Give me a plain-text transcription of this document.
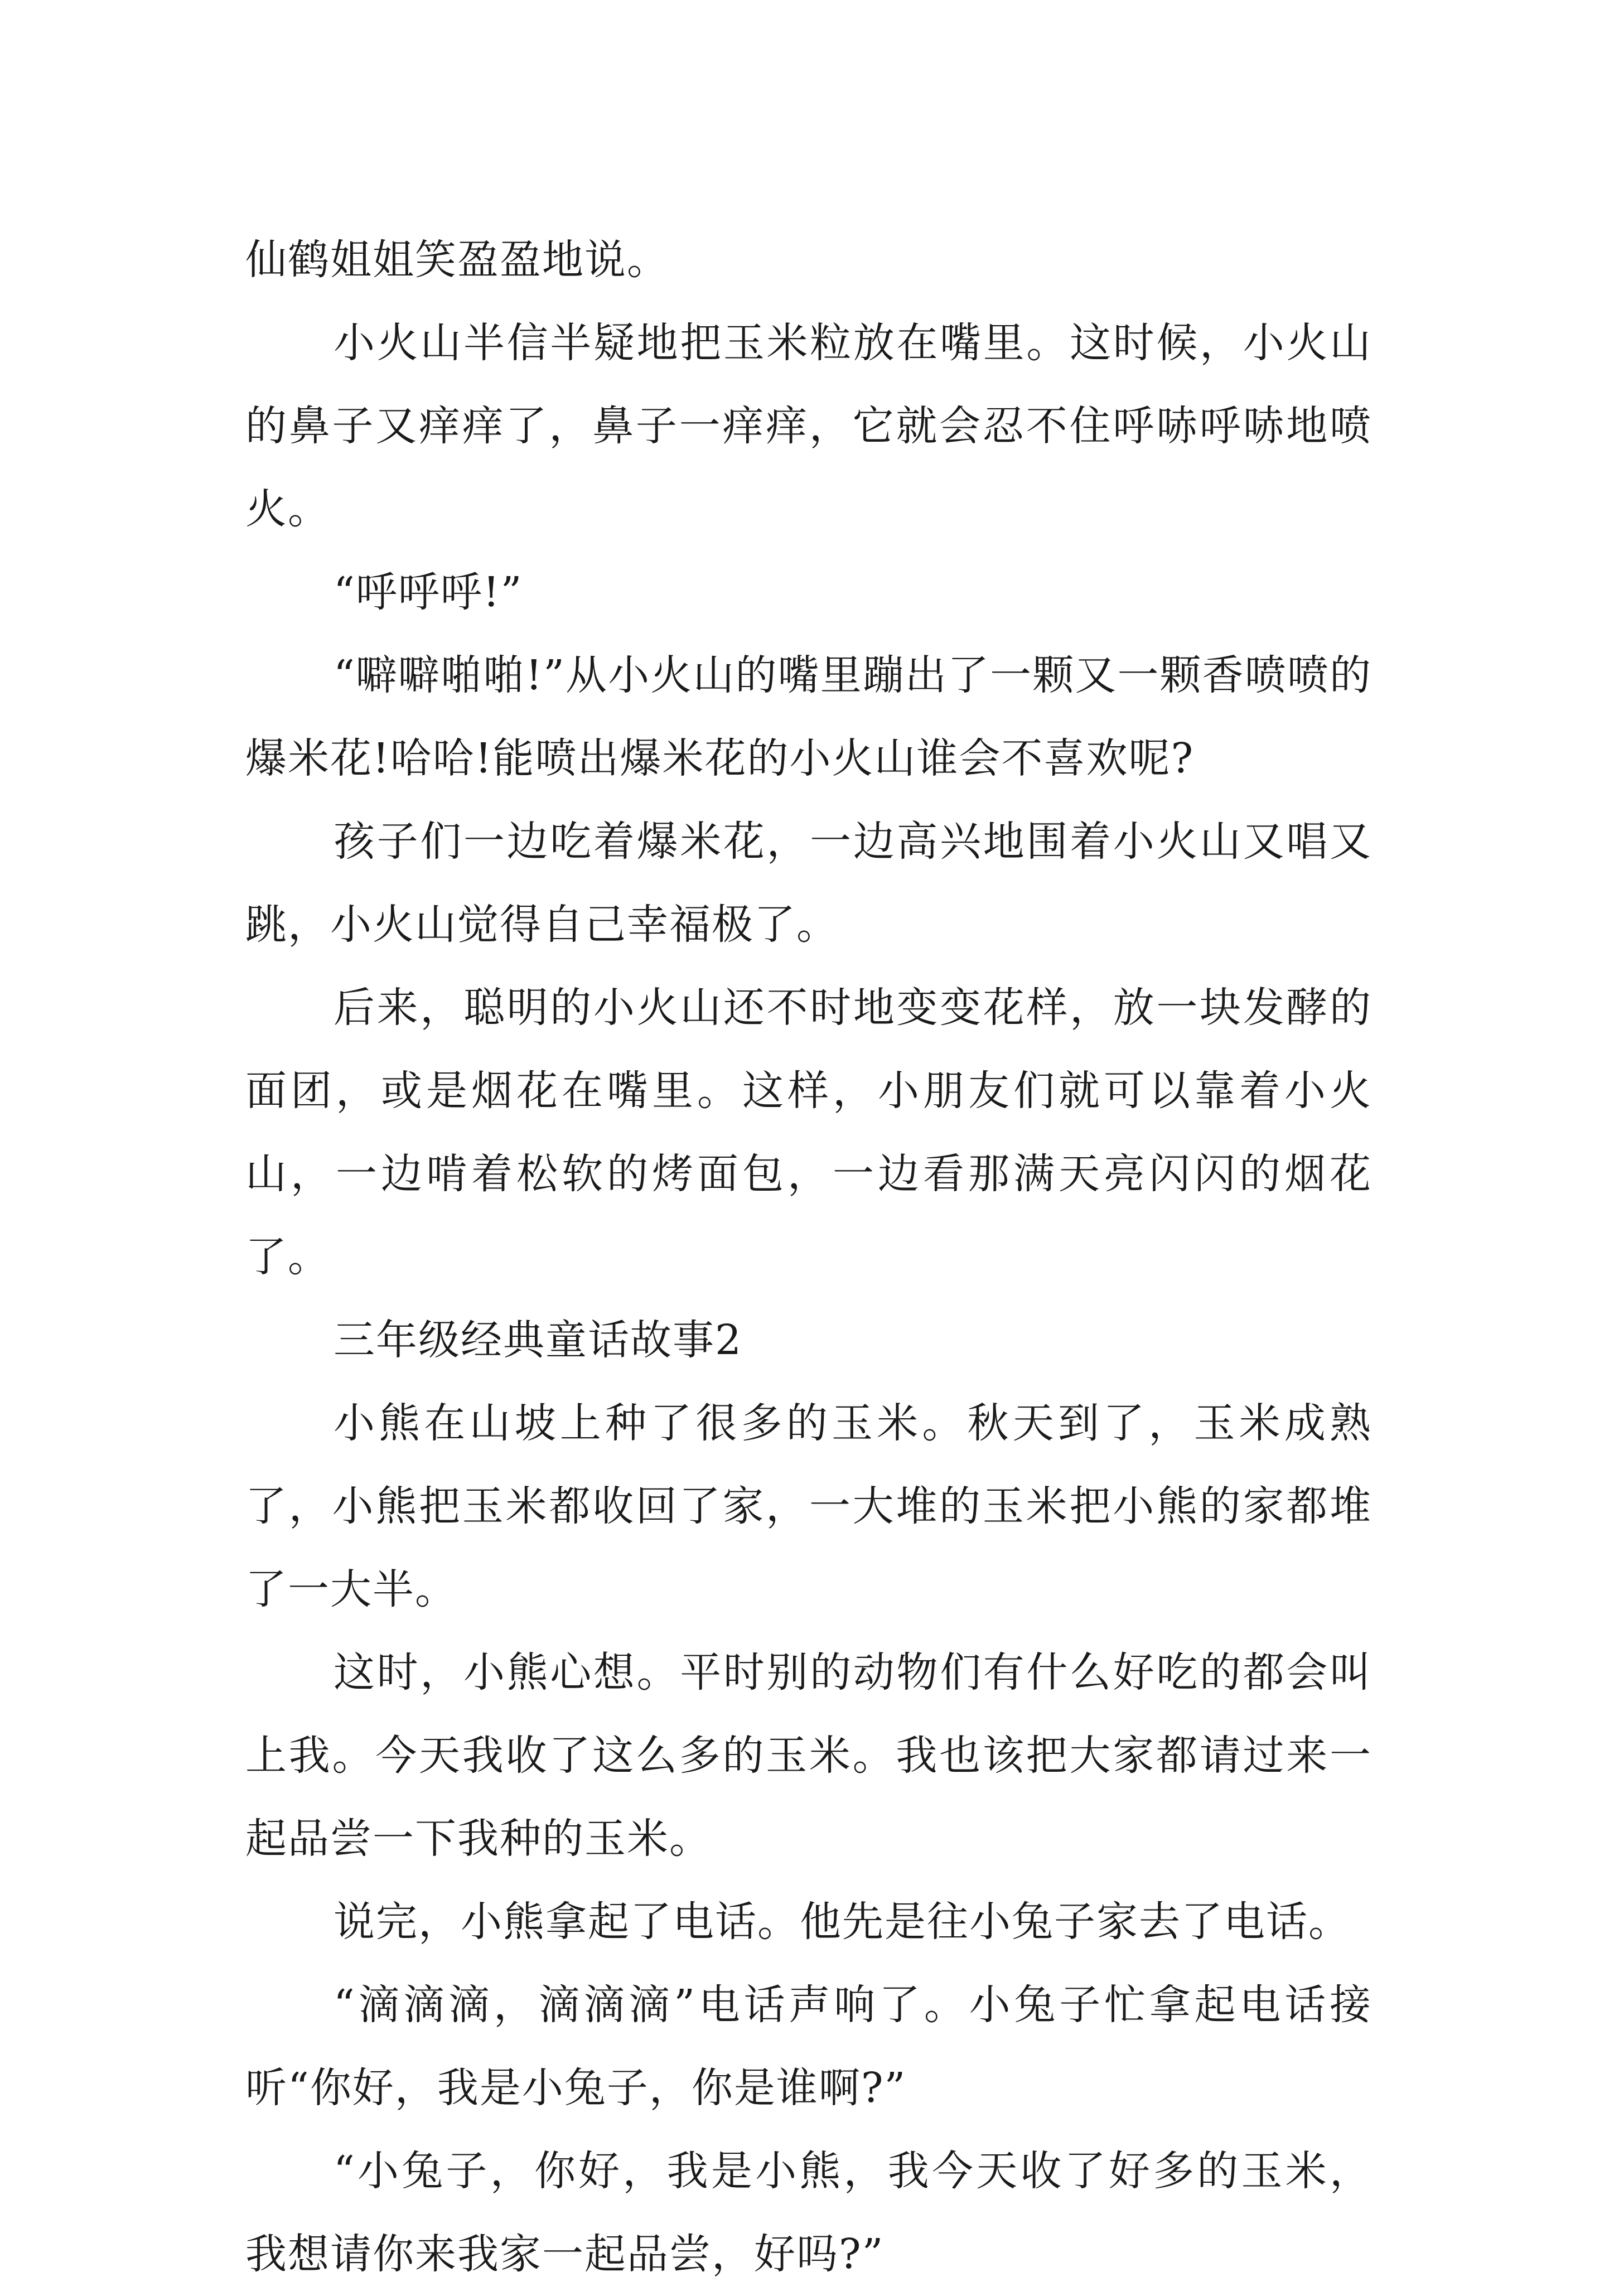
仙鹤姐姐笑盈盈地说。

小火山半信半疑地把玉米粒放在嘴里。这时候，小火山的鼻子又痒痒了，鼻子一痒痒，它就会忍不住呼哧呼哧地喷火。

“呼呼呼!”

“噼噼啪啪!”从小火山的嘴里蹦出了一颗又一颗香喷喷的爆米花!哈哈!能喷出爆米花的小火山谁会不喜欢呢?

孩子们一边吃着爆米花，一边高兴地围着小火山又唱又跳，小火山觉得自己幸福极了。

后来，聪明的小火山还不时地变变花样，放一块发酵的面团，或是烟花在嘴里。这样，小朋友们就可以靠着小火山，一边啃着松软的烤面包，一边看那满天亮闪闪的烟花了。

三年级经典童话故事2

小熊在山坡上种了很多的玉米。秋天到了，玉米成熟了，小熊把玉米都收回了家，一大堆的玉米把小熊的家都堆了一大半。

这时，小熊心想。平时别的动物们有什么好吃的都会叫上我。今天我收了这么多的玉米。我也该把大家都请过来一起品尝一下我种的玉米。

说完，小熊拿起了电话。他先是往小兔子家去了电话。

“滴滴滴，滴滴滴”电话声响了。小兔子忙拿起电话接听“你好，我是小兔子，你是谁啊?”

“小兔子，你好，我是小熊，我今天收了好多的玉米，我想请你来我家一起品尝，好吗?”
